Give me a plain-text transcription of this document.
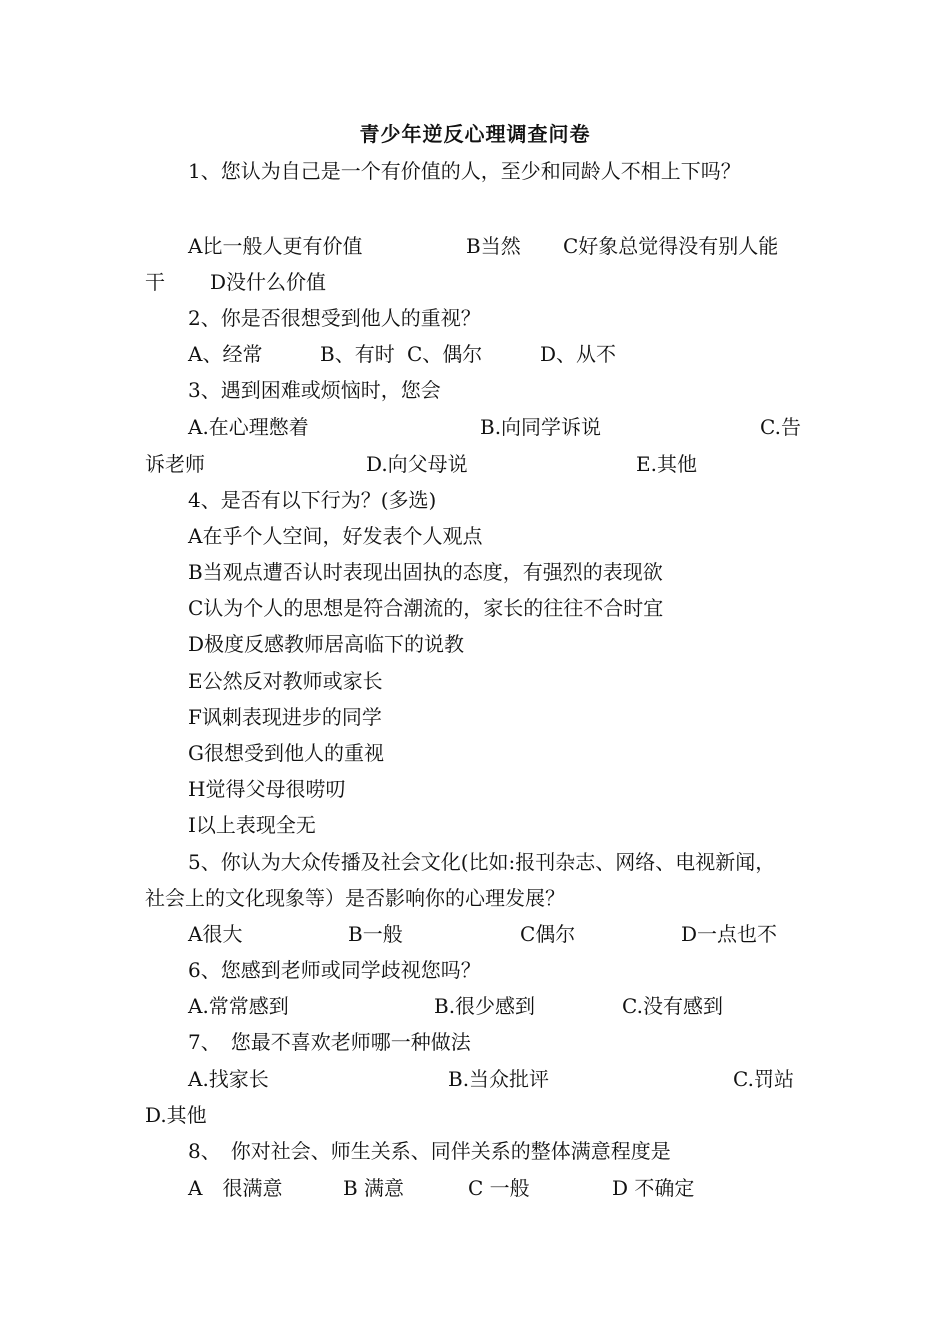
青少年逆反心理调查问卷
1、您认为自己是一个有价值的人，至少和同龄人不相上下吗？
A比一般人更有价值	B当然 C好象总觉得没有别人能
干 D没什么价值
2、你是否很想受到他人的重视？
A、经常	B、有时 C、偶尔	D、从不
3、遇到困难或烦恼时，您会
A.在心理憋着	B.向同学诉说	C.告
诉老师	D.向父母说	E.其他
4、是否有以下行为？(多选)
A在乎个人空间，好发表个人观点
B当观点遭否认时表现出固执的态度，有强烈的表现欲
C认为个人的思想是符合潮流的，家长的往往不合时宜
D极度反感教师居高临下的说教
E公然反对教师或家长
F讽刺表现进步的同学
G很想受到他人的重视
H觉得父母很唠叨
I以上表现全无
5、你认为大众传播及社会文化(比如:报刊杂志、网络、电视新闻，
社会上的文化现象等）是否影响你的心理发展？
A很大	B一般	C偶尔	D一点也不
6、您感到老师或同学歧视您吗？
A.常常感到	B.很少感到	C.没有感到
7、　您最不喜欢老师哪一种做法
A.找家长	B.当众批评	C.罚站
D.其他
8、　你对社会、师生关系、同伴关系的整体满意程度是
A　很满意	B 满意	C 一般	D 不确定
